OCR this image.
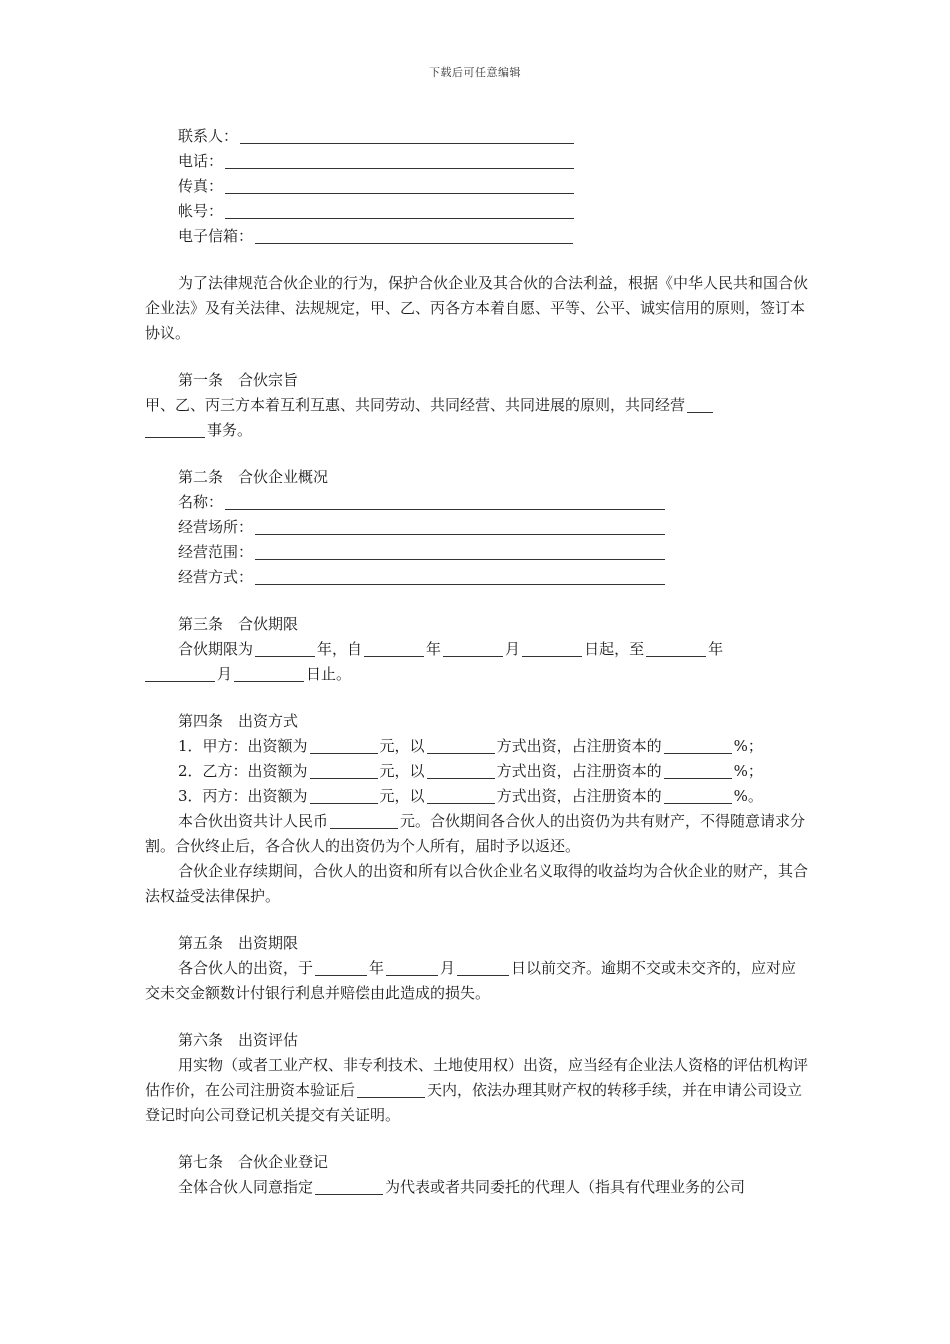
下载后可任意编辑
联系人：
电话：
传真：
帐号：
电子信箱：

为了法律规范合伙企业的行为，保护合伙企业及其合伙的合法利益，根据《中华人民共和国合伙企业法》及有关法律、法规规定，甲、乙、丙各方本着自愿、平等、公平、诚实信用的原则，签订本协议。

第一条　合伙宗旨

甲、乙、丙三方本着互利互惠、共同劳动、共同经营、共同进展的原则，共同经营
事务。

第二条　合伙企业概况

名称：
经营场所：
经营范围：
经营方式：

第三条　合伙期限

合伙期限为	年，自	年	月	日起，至	年
月	日止。

第四条　出资方式

1．甲方：出资额为	元，以	方式出资，占注册资本的	%；
2．乙方：出资额为	元，以	方式出资，占注册资本的	%；
3．丙方：出资额为	元，以	方式出资，占注册资本的	%。

本合伙出资共计人民币	元。合伙期间各合伙人的出资仍为共有财产，不得随意请求分割。合伙终止后，各合伙人的出资仍为个人所有，届时予以返还。

合伙企业存续期间，合伙人的出资和所有以合伙企业名义取得的收益均为合伙企业的财产，其合法权益受法律保护。

第五条　出资期限

各合伙人的出资，于	年	月	日以前交齐。逾期不交或未交齐的，应对应交未交金额数计付银行利息并赔偿由此造成的损失。

第六条　出资评估

用实物（或者工业产权、非专利技术、土地使用权）出资，应当经有企业法人资格的评估机构评估作价，在公司注册资本验证后	天内，依法办理其财产权的转移手续，并在申请公司设立登记时向公司登记机关提交有关证明。

第七条　合伙企业登记

全体合伙人同意指定	为代表或者共同委托的代理人（指具有代理业务的公司
